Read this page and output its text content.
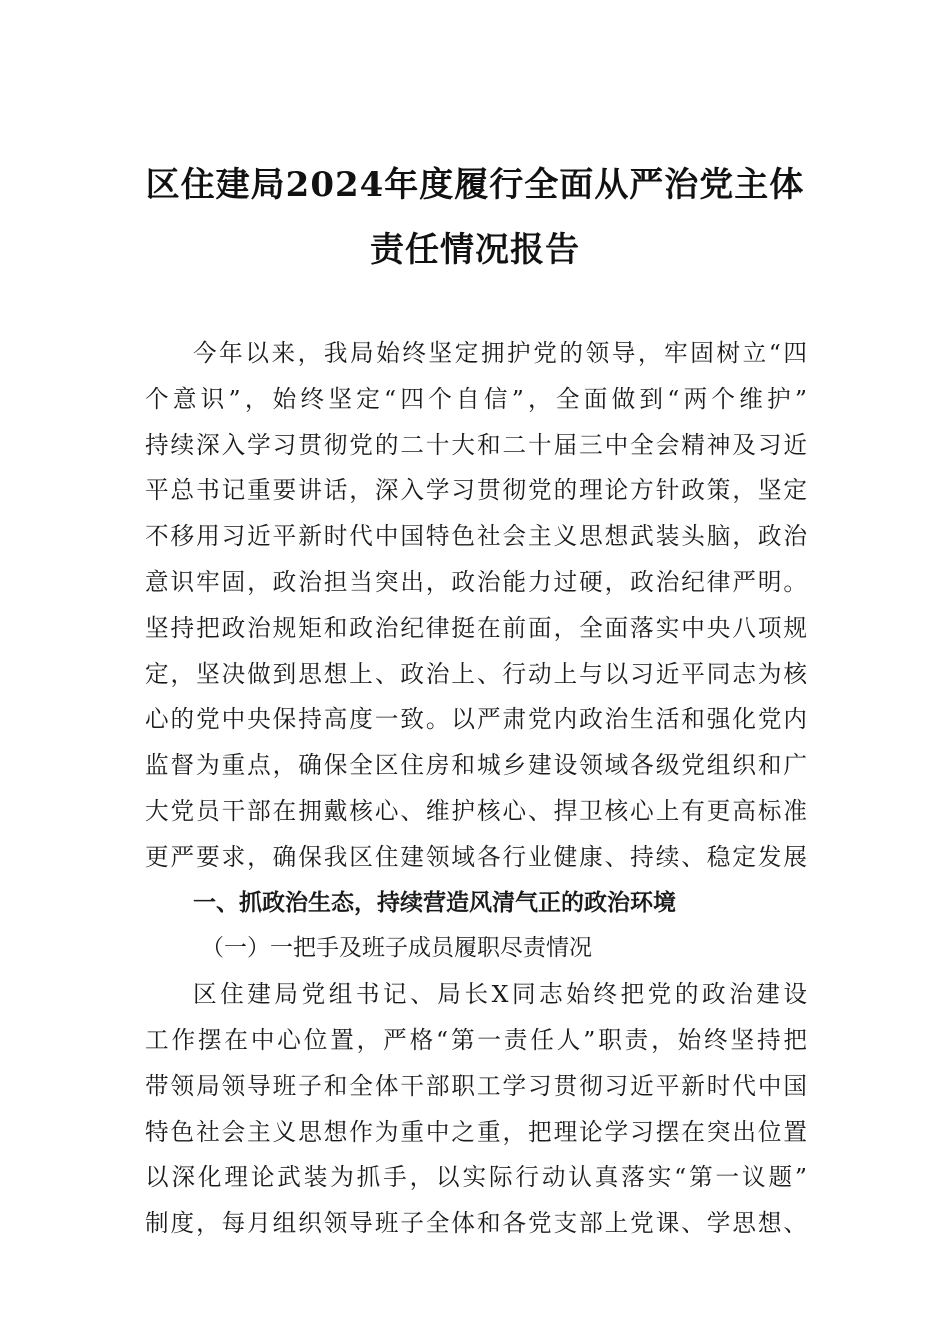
区住建局2024年度履行全面从严治党主体
责任情况报告
今年以来，我局始终坚定拥护党的领导，牢固树立“四
个意识”，始终坚定“四个自信”，全面做到“两个维护”
持续深入学习贯彻党的二十大和二十届三中全会精神及习近
平总书记重要讲话，深入学习贯彻党的理论方针政策，坚定
不移用习近平新时代中国特色社会主义思想武装头脑，政治
意识牢固，政治担当突出，政治能力过硬，政治纪律严明。
坚持把政治规矩和政治纪律挺在前面，全面落实中央八项规
定，坚决做到思想上、政治上、行动上与以习近平同志为核
心的党中央保持高度一致。以严肃党内政治生活和强化党内
监督为重点，确保全区住房和城乡建设领域各级党组织和广
大党员干部在拥戴核心、维护核心、捍卫核心上有更高标准
更严要求，确保我区住建领域各行业健康、持续、稳定发展
一、抓政治生态，持续营造风清气正的政治环境
（一）一把手及班子成员履职尽责情况
区住建局党组书记、局长X同志始终把党的政治建设
工作摆在中心位置，严格“第一责任人”职责，始终坚持把
带领局领导班子和全体干部职工学习贯彻习近平新时代中国
特色社会主义思想作为重中之重，把理论学习摆在突出位置
以深化理论武装为抓手，以实际行动认真落实“第一议题”
制度，每月组织领导班子全体和各党支部上党课、学思想、
